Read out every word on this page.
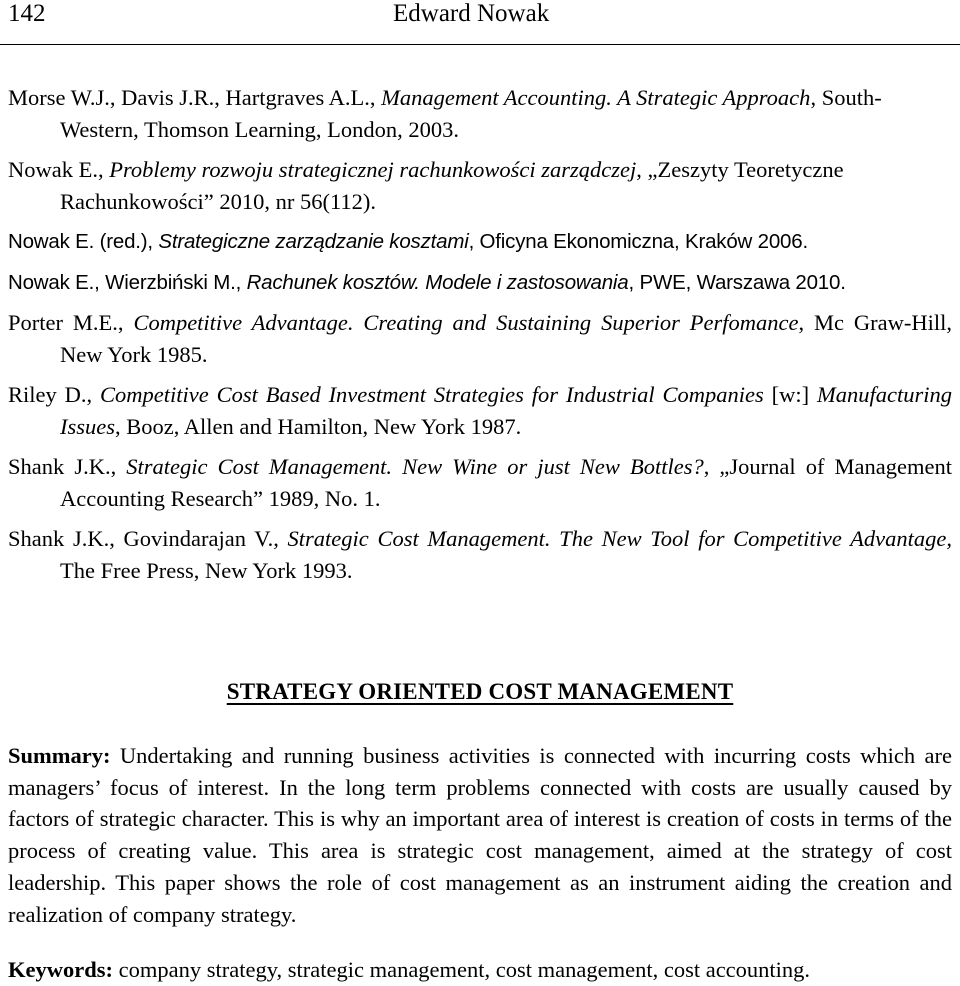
142	Edward Nowak
Morse W.J., Davis J.R., Hartgraves A.L., Management Accounting. A Strategic Approach, South-Western, Thomson Learning, London, 2003.
Nowak E., Problemy rozwoju strategicznej rachunkowości zarządczej, „Zeszyty Teoretyczne Rachunkowości” 2010, nr 56(112).
Nowak E. (red.), Strategiczne zarządzanie kosztami, Oficyna Ekonomiczna, Kraków 2006.
Nowak E., Wierzbiński M., Rachunek kosztów. Modele i zastosowania, PWE, Warszawa 2010.
Porter M.E., Competitive Advantage. Creating and Sustaining Superior Perfomance, Mc Graw-Hill, New York 1985.
Riley D., Competitive Cost Based Investment Strategies for Industrial Companies [w:] Manufacturing Issues, Booz, Allen and Hamilton, New York 1987.
Shank J.K., Strategic Cost Management. New Wine or just New Bottles?, „Journal of Management Accounting Research” 1989, No. 1.
Shank J.K., Govindarajan V., Strategic Cost Management. The New Tool for Competitive Advantage, The Free Press, New York 1993.
STRATEGY ORIENTED COST MANAGEMENT
Summary: Undertaking and running business activities is connected with incurring costs which are managers’ focus of interest. In the long term problems connected with costs are usually caused by factors of strategic character. This is why an important area of interest is creation of costs in terms of the process of creating value. This area is strategic cost management, aimed at the strategy of cost leadership. This paper shows the role of cost management as an instrument aiding the creation and realization of company strategy.
Keywords: company strategy, strategic management, cost management, cost accounting.
